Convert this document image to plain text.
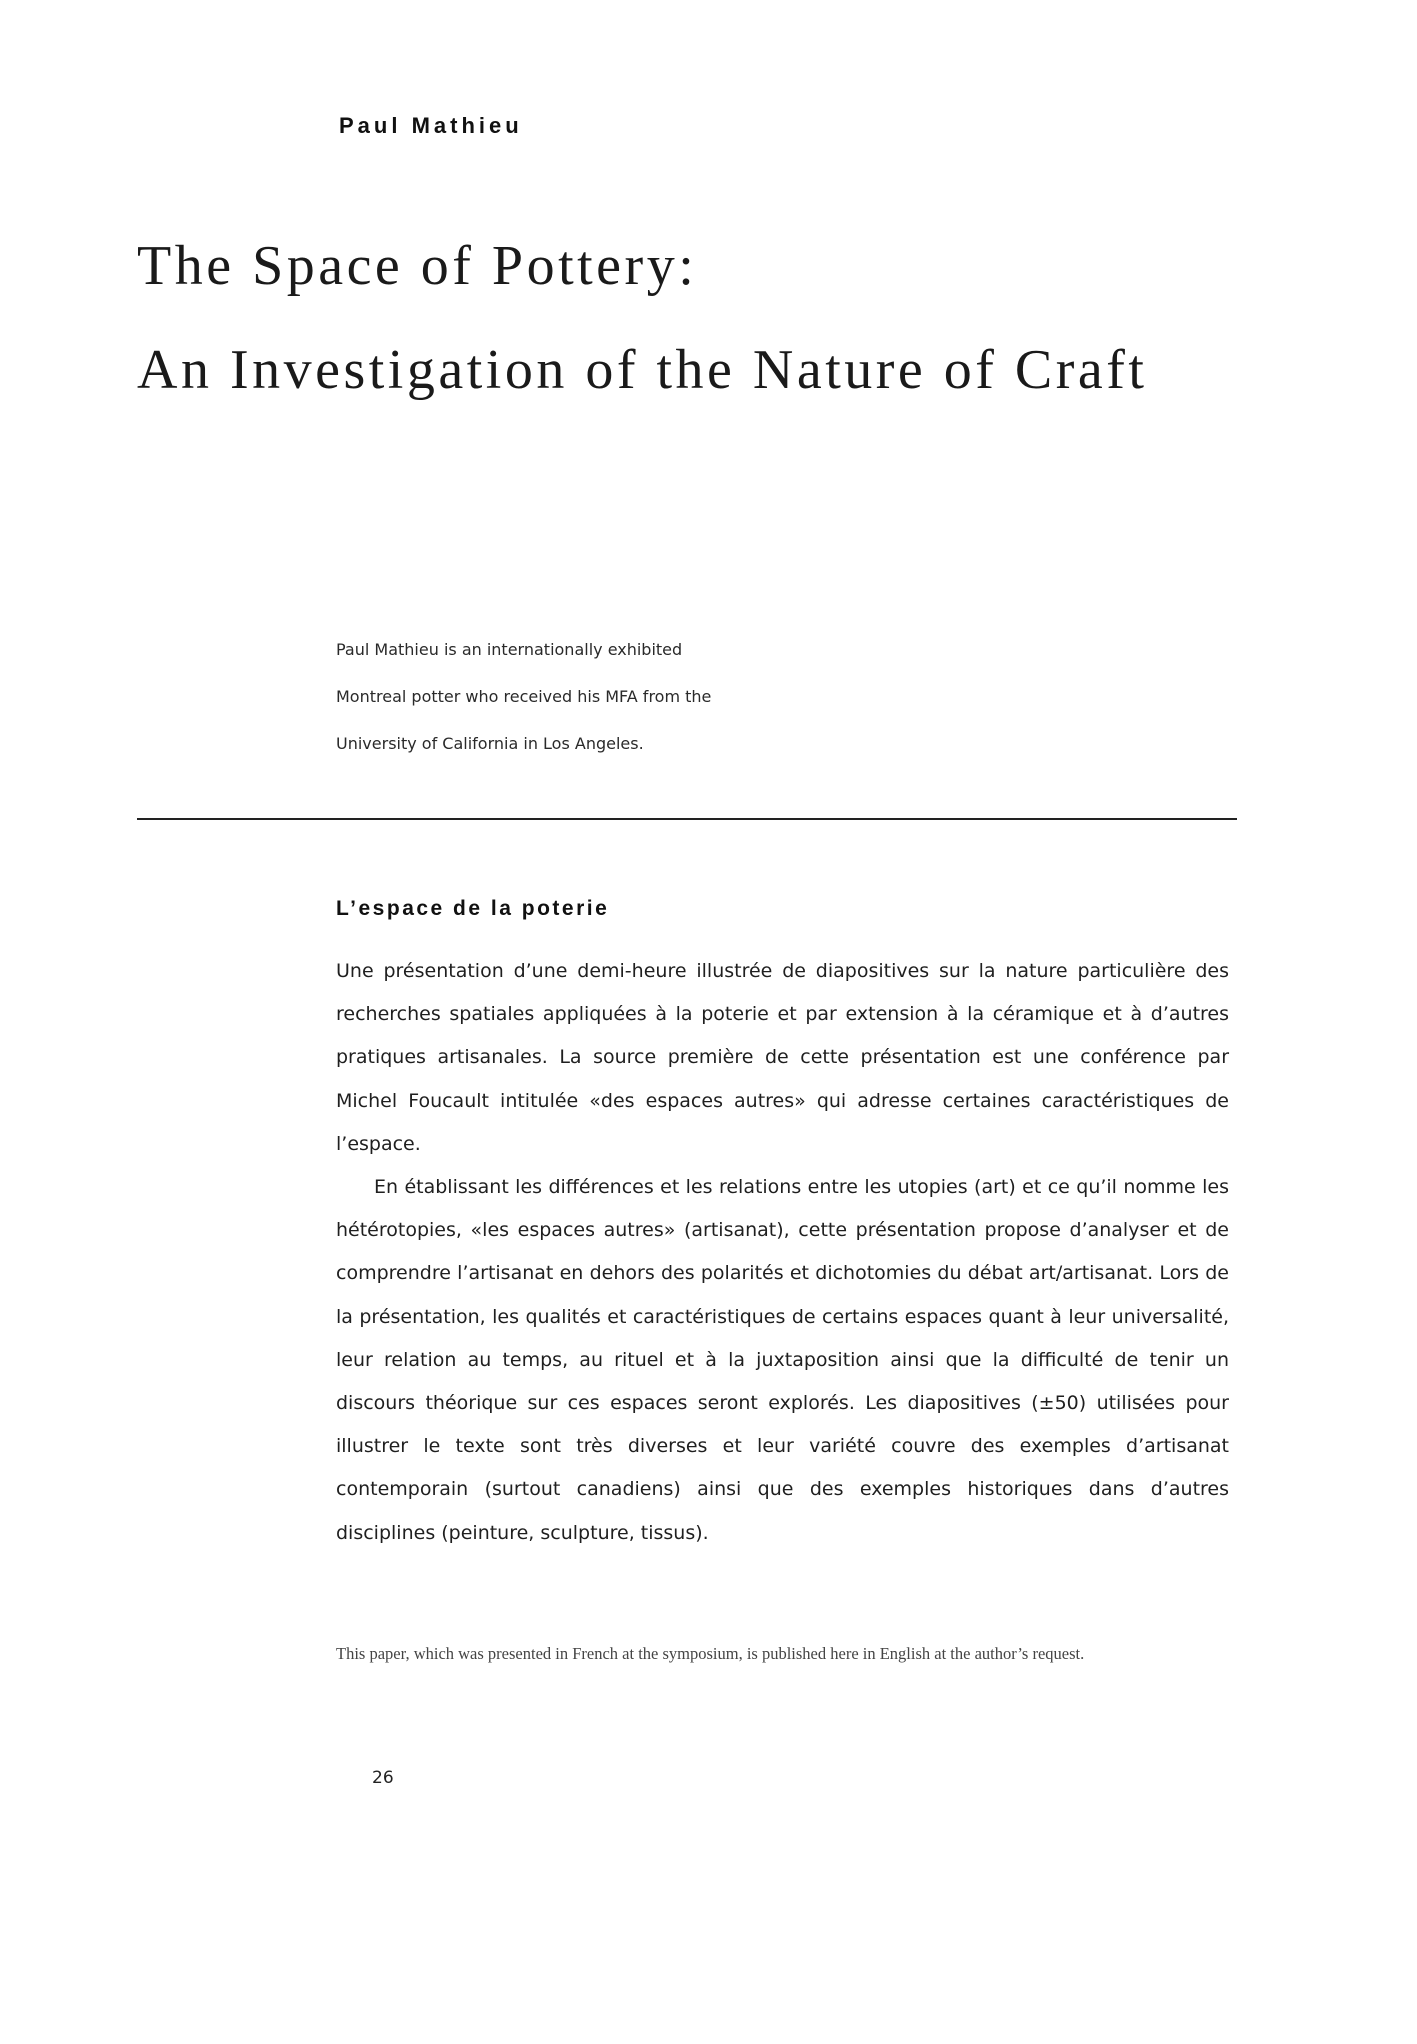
Paul Mathieu
The Space of Pottery:
An Investigation of the Nature of Craft
Paul Mathieu is an internationally exhibited
Montreal potter who received his MFA from the
University of California in Los Angeles.
L’espace de la poterie

Une présentation d’une demi-heure illustrée de diapositives sur la nature particulière des recherches spatiales appliquées à la poterie et par extension à la céramique et à d’autres pratiques artisanales. La source première de cette présentation est une conférence par Michel Foucault intitulée «des espaces autres» qui adresse certaines caractéristiques de l’espace.

En établissant les différences et les relations entre les utopies (art) et ce qu’il nomme les hétérotopies, «les espaces autres» (artisanat), cette présentation propose d’analyser et de comprendre l’artisanat en dehors des polarités et dichotomies du débat art/artisanat. Lors de la présentation, les qualités et caractéristiques de certains espaces quant à leur universalité, leur relation au temps, au rituel et à la juxtaposition ainsi que la difficulté de tenir un discours théorique sur ces espaces seront explorés. Les diapositives (±50) utilisées pour illustrer le texte sont très diverses et leur variété couvre des exemples d’artisanat contemporain (surtout canadiens) ainsi que des exemples historiques dans d’autres disciplines (peinture, sculpture, tissus).

This paper, which was presented in French at the symposium, is published here in English at the author’s request.
26
